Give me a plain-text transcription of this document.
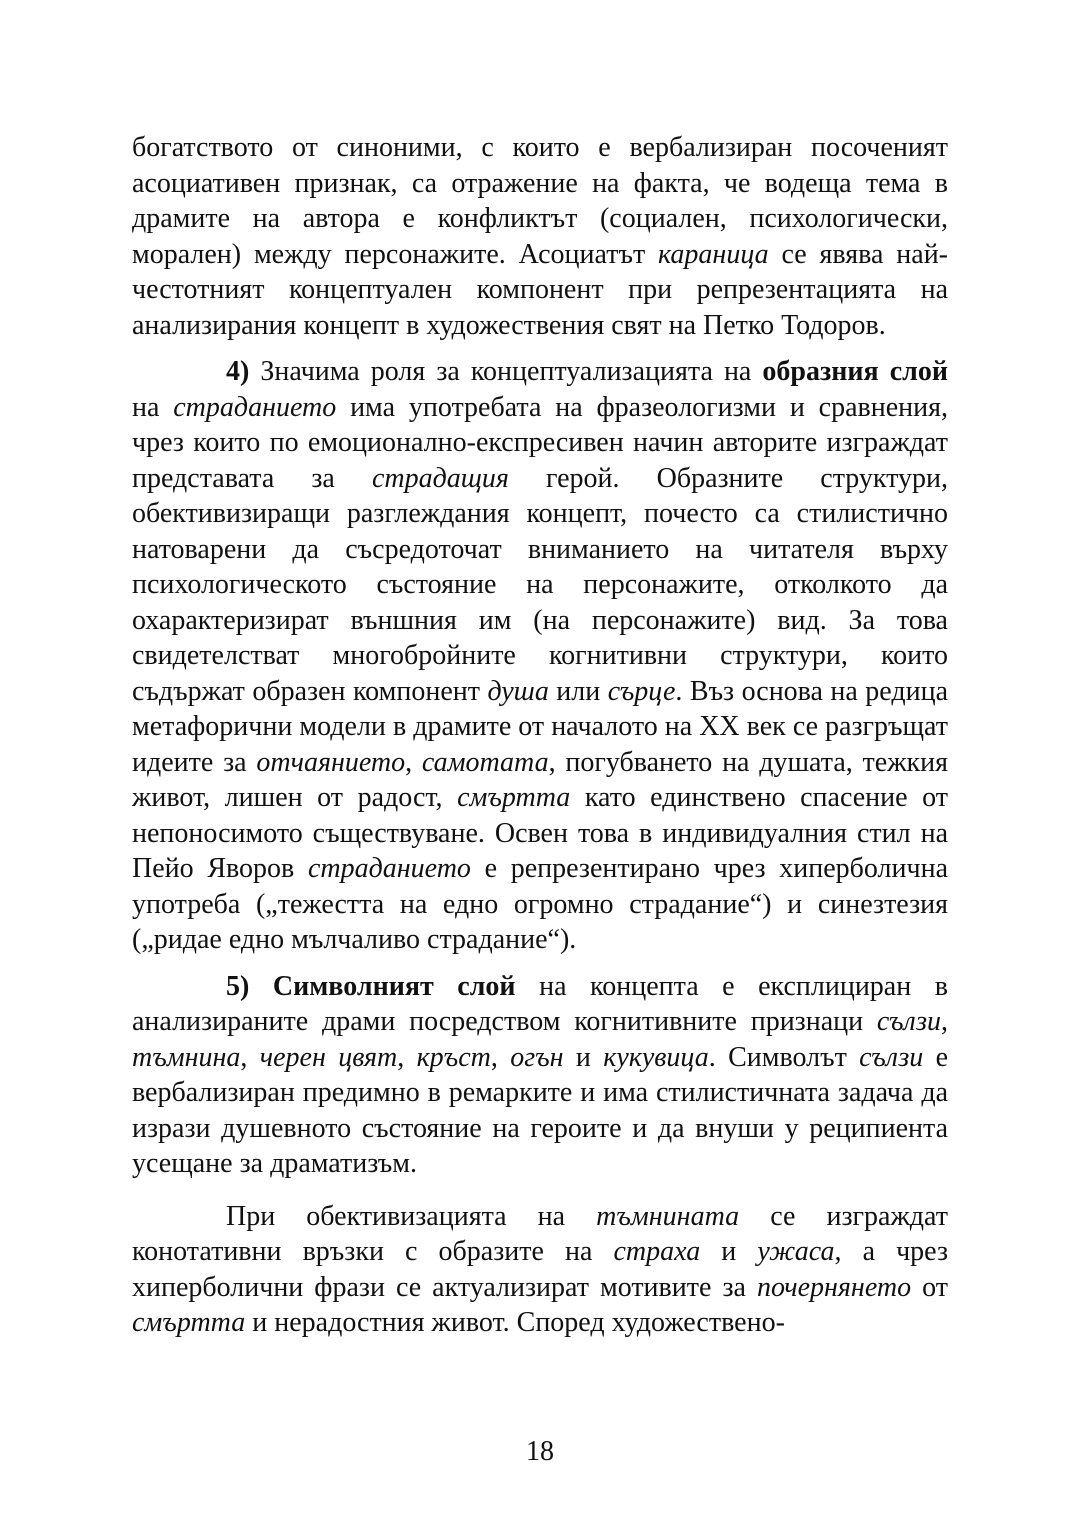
богатството от синоними, с които е вербализиран посоченият асоциативен признак, са отражение на факта, че водеща тема в драмите на автора е конфликтът (социален, психологически, морален) между персонажите. Асоциатът караница се явява най-честотният концептуален компонент при репрезентацията на анализирания концепт в художествения свят на Петко Тодоров.

4) Значима роля за концептуализацията на образния слой на страданието има употребата на фразеологизми и сравнения, чрез които по емоционално-експресивен начин авторите изграждат представата за страдащия герой. Образните структури, обективизиращи разглеждания концепт, почесто са стилистично натоварени да съсредоточат вниманието на читателя върху психологическото състояние на персонажите, отколкото да охарактеризират външния им (на персонажите) вид. За това свидетелстват многобройните когнитивни структури, които съдържат образен компонент душа или сърце. Въз основа на редица метафорични модели в драмите от началото на XX век се разгръщат идеите за отчаянието, самотата, погубването на душата, тежкия живот, лишен от радост, смъртта като единствено спасение от непоносимото съществуване. Освен това в индивидуалния стил на Пейо Яворов страданието е репрезентирано чрез хиперболична употреба („тежестта на едно огромно страдание“) и синезтезия („ридае едно мълчаливо страдание“).

5) Символният слой на концепта е експлициран в анализираните драми посредством когнитивните признаци сълзи, тъмнина, черен цвят, кръст, огън и кукувица. Символът сълзи е вербализиран предимно в ремарките и има стилистичната задача да изрази душевното състояние на героите и да внуши у реципиента усещане за драматизъм.

При обективизацията на тъмнината се изграждат конотативни връзки с образите на страха и ужаса, а чрез хиперболични фрази се актуализират мотивите за почернянето от смъртта и нерадостния живот. Според художествено-

18
